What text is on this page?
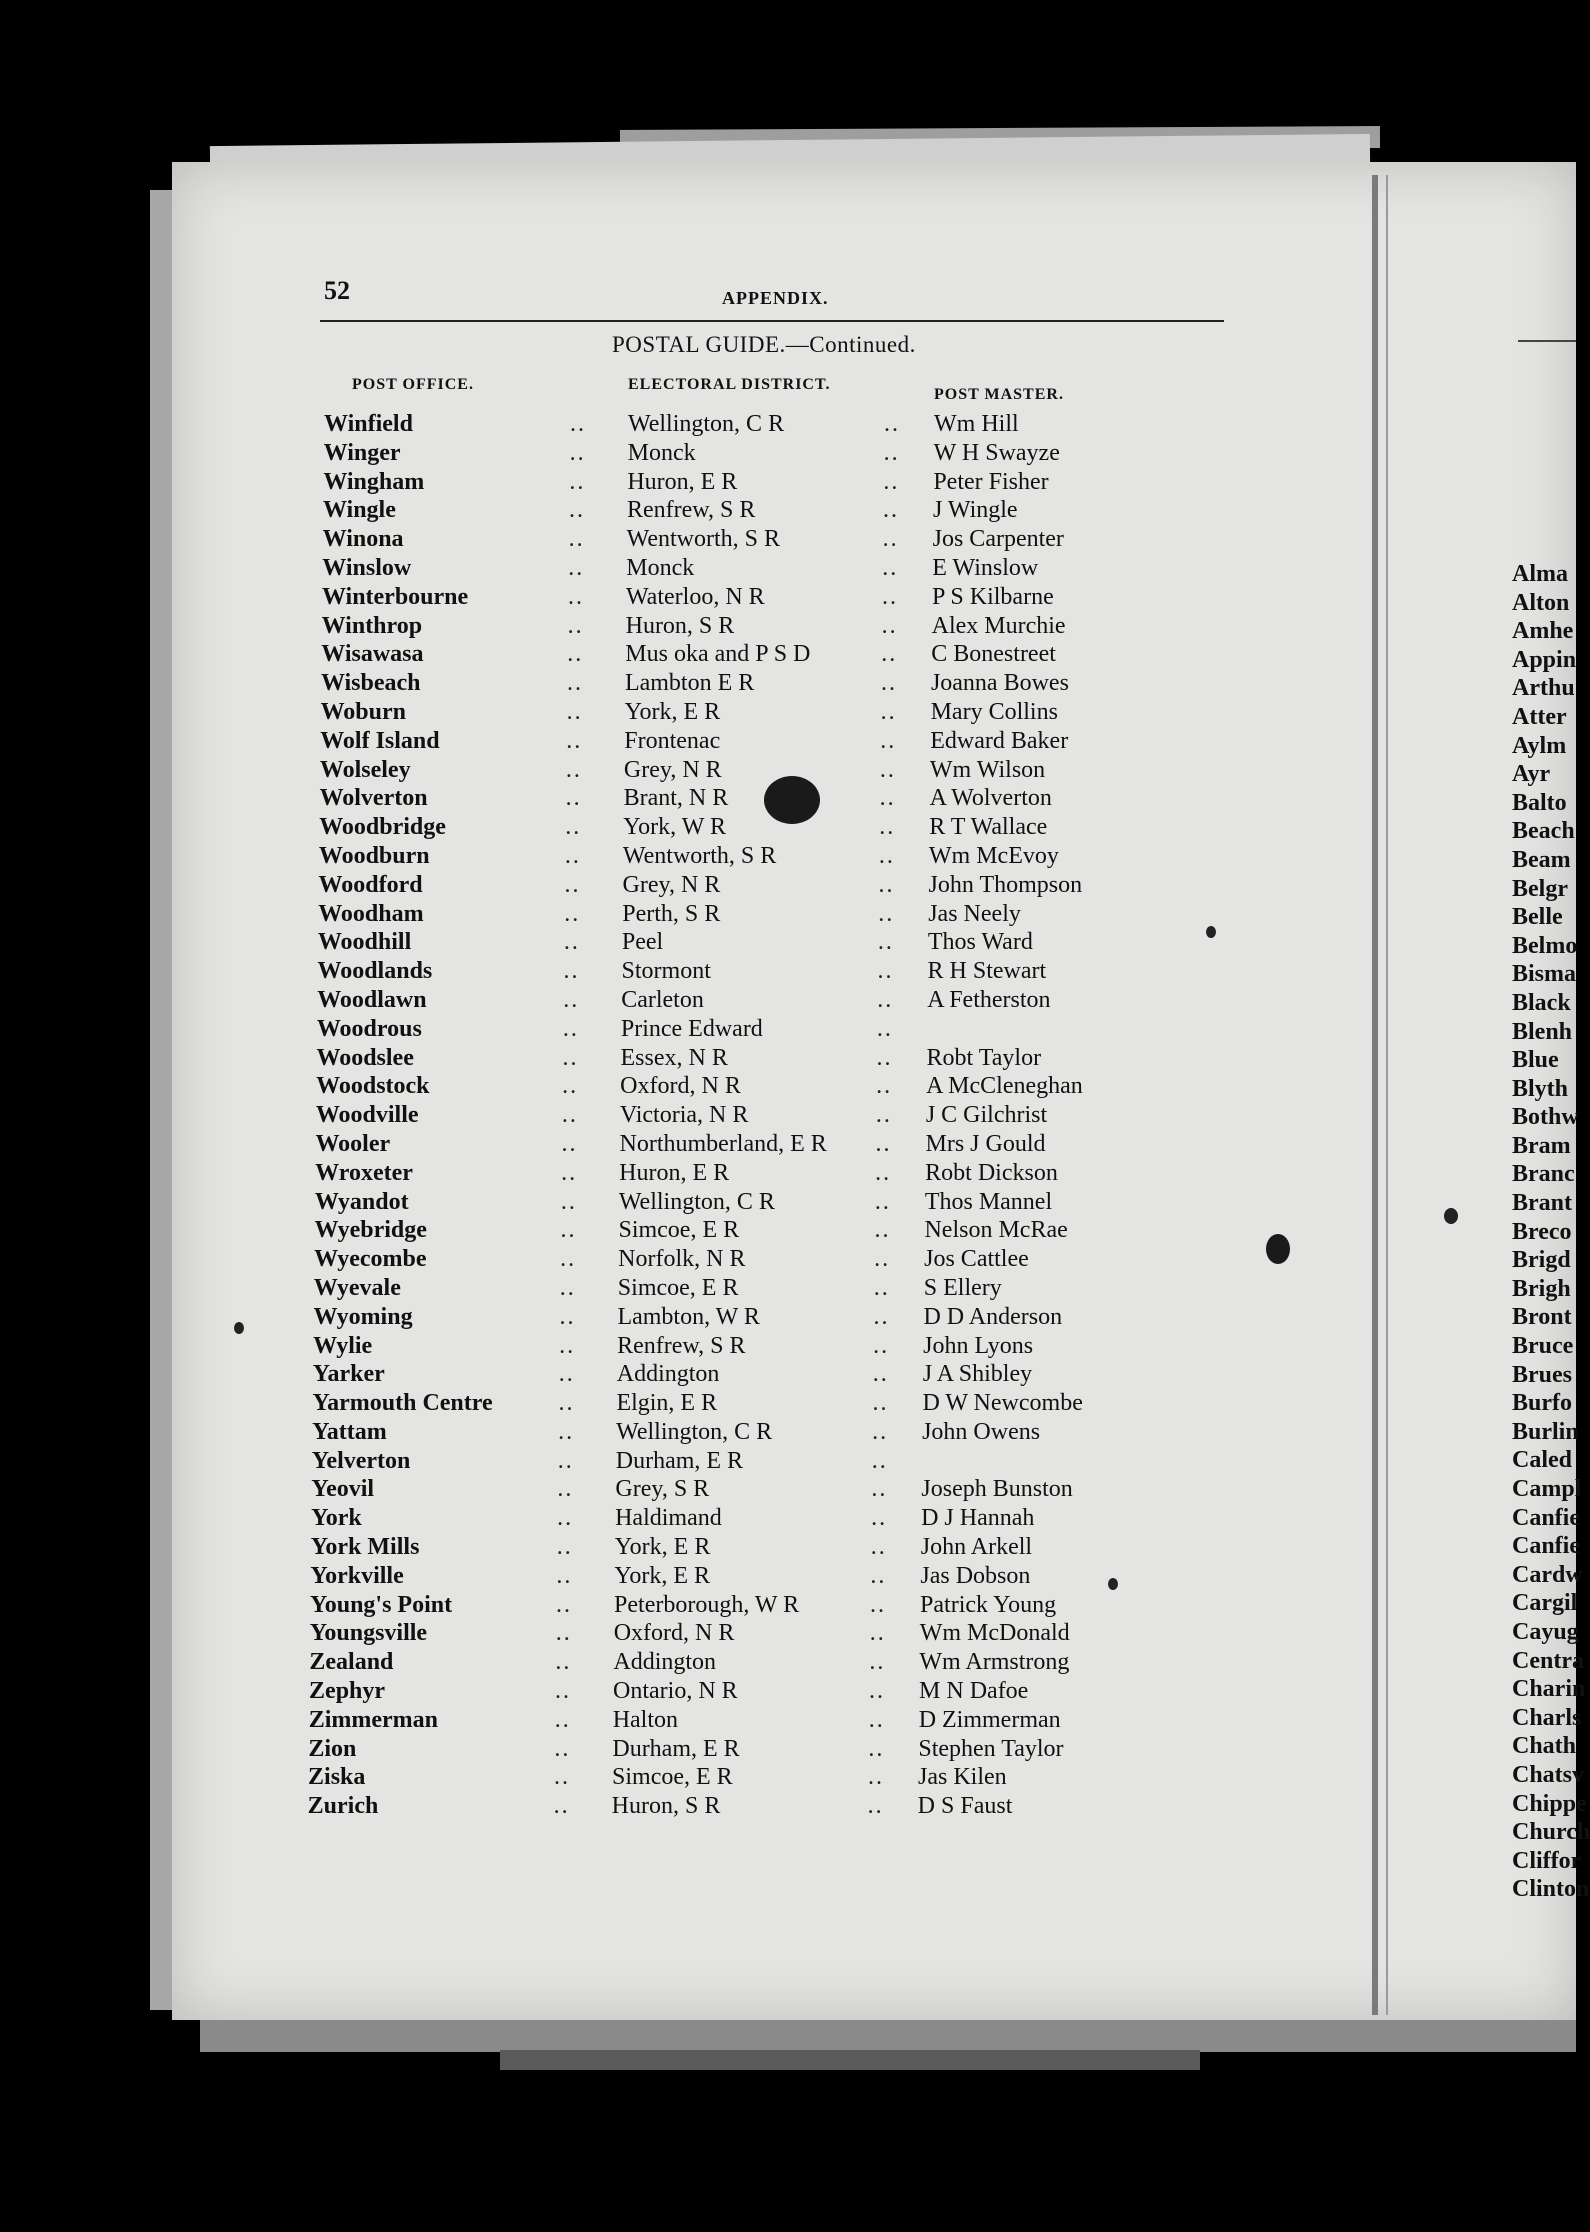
52	APPENDIX.
POSTAL GUIDE.—Continued.
POST OFFICE.	ELECTORAL DISTRICT.
POST MASTER.
Winfield	.. Wellington, C R	.. Wm Hill
Winger	.. Monck	.. W H Swayze
Wingham	.. Huron, E R	.. Peter Fisher
Wingle	.. Renfrew, S R	.. J Wingle
Winona	.. Wentworth, S R	.. Jos Carpenter
Winslow	.. Monck	.. E Winslow
Winterbourne	.. Waterloo, N R	.. P S Kilbarne
Winthrop	.. Huron, S R	.. Alex Murchie
Wisawasa	.. Mus oka and P S D	.. C Bonestreet
Wisbeach	.. Lambton E R	.. Joanna Bowes
Woburn	.. York, E R	.. Mary Collins
Wolf Island	.. Frontenac	.. Edward Baker
Wolseley	.. Grey, N R	.. Wm Wilson
Wolverton	.. Brant, N R	.. A Wolverton
Woodbridge	.. York, W R	.. R T Wallace
Woodburn	.. Wentworth, S R	.. Wm McEvoy
Woodford	.. Grey, N R	.. John Thompson
Woodham	.. Perth, S R	.. Jas Neely
Woodhill	.. Peel	.. Thos Ward
Woodlands	.. Stormont	.. R H Stewart
Woodlawn	.. Carleton	.. A Fetherston
Woodrous	.. Prince Edward	..
Woodslee	.. Essex, N R	.. Robt Taylor
Woodstock	.. Oxford, N R	.. A McCleneghan
Woodville	.. Victoria, N R	.. J C Gilchrist
Wooler	.. Northumberland, E R .. Mrs J Gould
Wroxeter	.. Huron, E R	.. Robt Dickson
Wyandot	.. Wellington, C R	.. Thos Mannel
Wyebridge	.. Simcoe, E R	.. Nelson McRae
Wyecombe	.. Norfolk, N R	.. Jos Cattlee
Wyevale	.. Simcoe, E R	.. S Ellery
Wyoming	.. Lambton, W R	.. D D Anderson
Wylie	.. Renfrew, S R	.. John Lyons
Yarker	.. Addington	.. J A Shibley
Yarmouth Centre	.. Elgin, E R	.. D W Newcombe
Yattam	.. Wellington, C R	.. John Owens
Yelverton	.. Durham, E R	..
Yeovil	.. Grey, S R	.. Joseph Bunston
York	.. Haldimand	.. D J Hannah
York Mills	.. York, E R	.. John Arkell
Yorkville	.. York, E R	.. Jas Dobson
Young's Point	.. Peterborough, W R	.. Patrick Young
Youngsville	.. Oxford, N R	.. Wm McDonald
Zealand	.. Addington	.. Wm Armstrong
Zephyr	.. Ontario, N R	.. M N Dafoe
Zimmerman	.. Halton	.. D Zimmerman
Zion	.. Durham, E R	.. Stephen Taylor
Ziska	.. Simcoe, E R	.. Jas Kilen
Zurich	.. Huron, S R	.. D S Faust
Alma
Alton
Amhe
Appin
Arthu
Atter
Aylm
Ayr
Balto
Beach
Beam
Belgr
Belle
Belmo
Bisma
Black
Blenh
Blue
Blyth
Bothw
Bram
Branc
Brant
Breco
Brigd
Brigh
Bront
Bruce
Brues
Burfo
Burlin
Caled
Campl
Canfie
Canfie
Cardw
Cargil
Cayug
Centra
Charin
Charls
Chath
Chatsv
Chippe
Church
Cliffor
Clinton
